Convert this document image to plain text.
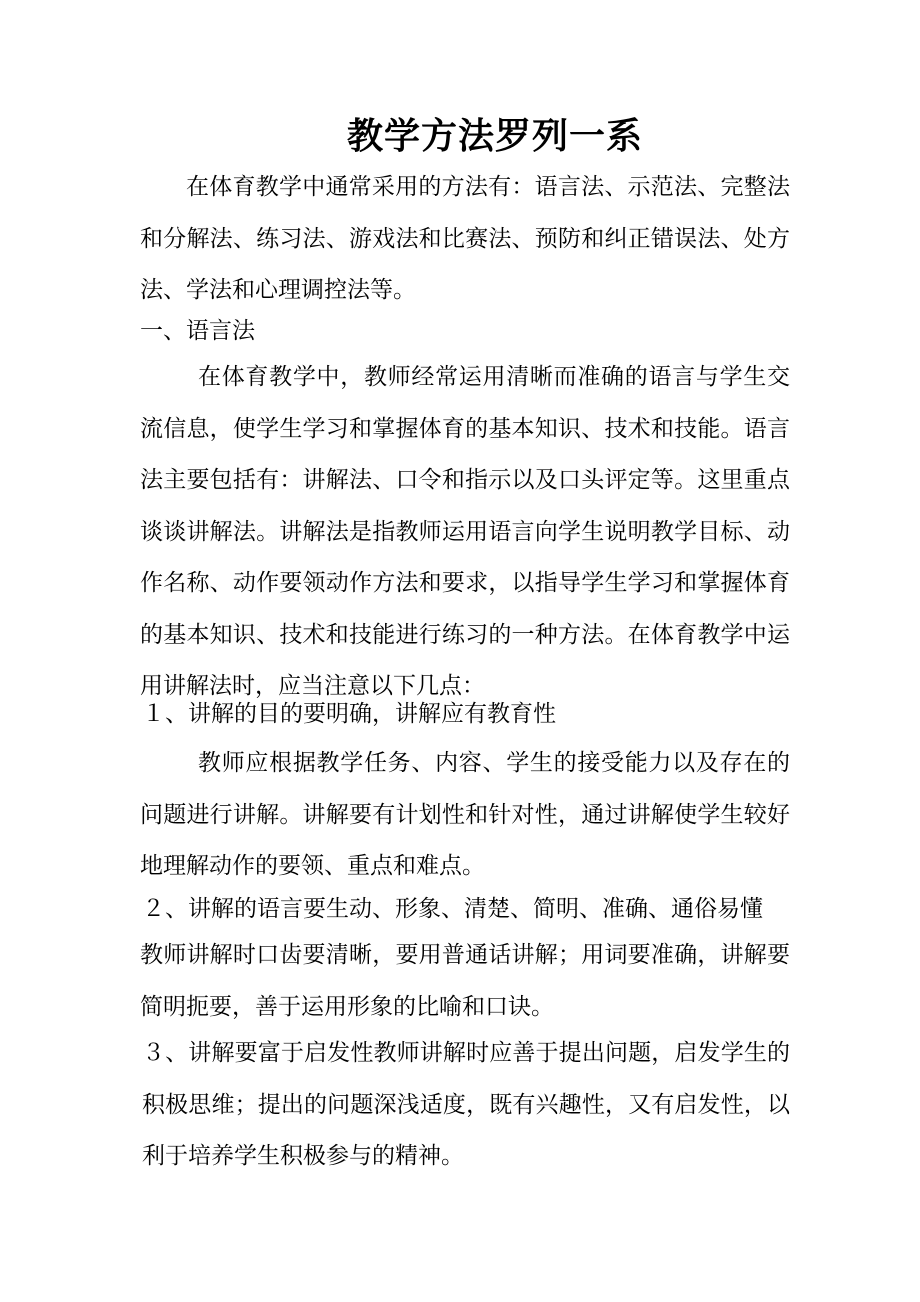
教学方法罗列一系
在体育教学中通常采用的方法有：语言法、示范法、完整法和分解法、练习法、游戏法和比赛法、预防和纠正错误法、处方法、学法和心理调控法等。
一、语言法
在体育教学中，教师经常运用清晰而准确的语言与学生交流信息，使学生学习和掌握体育的基本知识、技术和技能。语言法主要包括有：讲解法、口令和指示以及口头评定等。这里重点谈谈讲解法。讲解法是指教师运用语言向学生说明教学目标、动作名称、动作要领动作方法和要求，以指导学生学习和掌握体育的基本知识、技术和技能进行练习的一种方法。在体育教学中运用讲解法时，应当注意以下几点：
１、讲解的目的要明确，讲解应有教育性
教师应根据教学任务、内容、学生的接受能力以及存在的问题进行讲解。讲解要有计划性和针对性，通过讲解使学生较好地理解动作的要领、重点和难点。
２、讲解的语言要生动、形象、清楚、简明、准确、通俗易懂
教师讲解时口齿要清晰，要用普通话讲解；用词要准确，讲解要简明扼要，善于运用形象的比喻和口诀。
３、讲解要富于启发性教师讲解时应善于提出问题，启发学生的积极思维；提出的问题深浅适度，既有兴趣性，又有启发性，以利于培养学生积极参与的精神。
